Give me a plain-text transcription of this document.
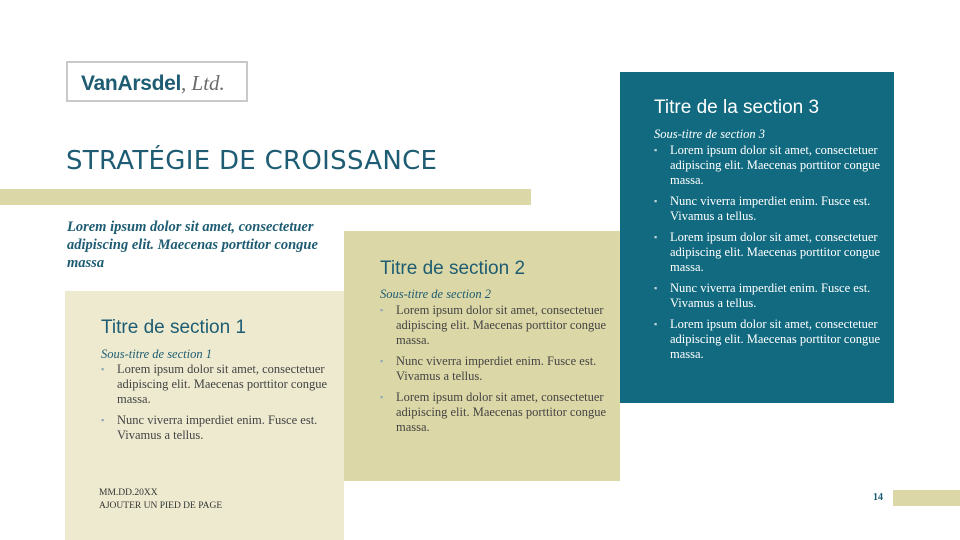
VanArsdel, Ltd.
STRATÉGIE DE CROISSANCE
Lorem ipsum dolor sit amet, consectetuer adipiscing elit. Maecenas porttitor congue massa
Titre de section 1
Sous-titre de section 1
▪ Lorem ipsum dolor sit amet, consectetuer adipiscing elit. Maecenas porttitor congue massa.
▪ Nunc viverra imperdiet enim. Fusce est. Vivamus a tellus.
Titre de section 2
Sous-titre de section 2
▪ Lorem ipsum dolor sit amet, consectetuer adipiscing elit. Maecenas porttitor congue massa.
▪ Nunc viverra imperdiet enim. Fusce est. Vivamus a tellus.
▪ Lorem ipsum dolor sit amet, consectetuer adipiscing elit. Maecenas porttitor congue massa.
Titre de la section 3
Sous-titre de section 3
▪ Lorem ipsum dolor sit amet, consectetuer adipiscing elit. Maecenas porttitor congue massa.
▪ Nunc viverra imperdiet enim. Fusce est. Vivamus a tellus.
▪ Lorem ipsum dolor sit amet, consectetuer adipiscing elit. Maecenas porttitor congue massa.
▪ Nunc viverra imperdiet enim. Fusce est. Vivamus a tellus.
▪ Lorem ipsum dolor sit amet, consectetuer adipiscing elit. Maecenas porttitor congue massa.
MM.DD.20XX
AJOUTER UN PIED DE PAGE
14
